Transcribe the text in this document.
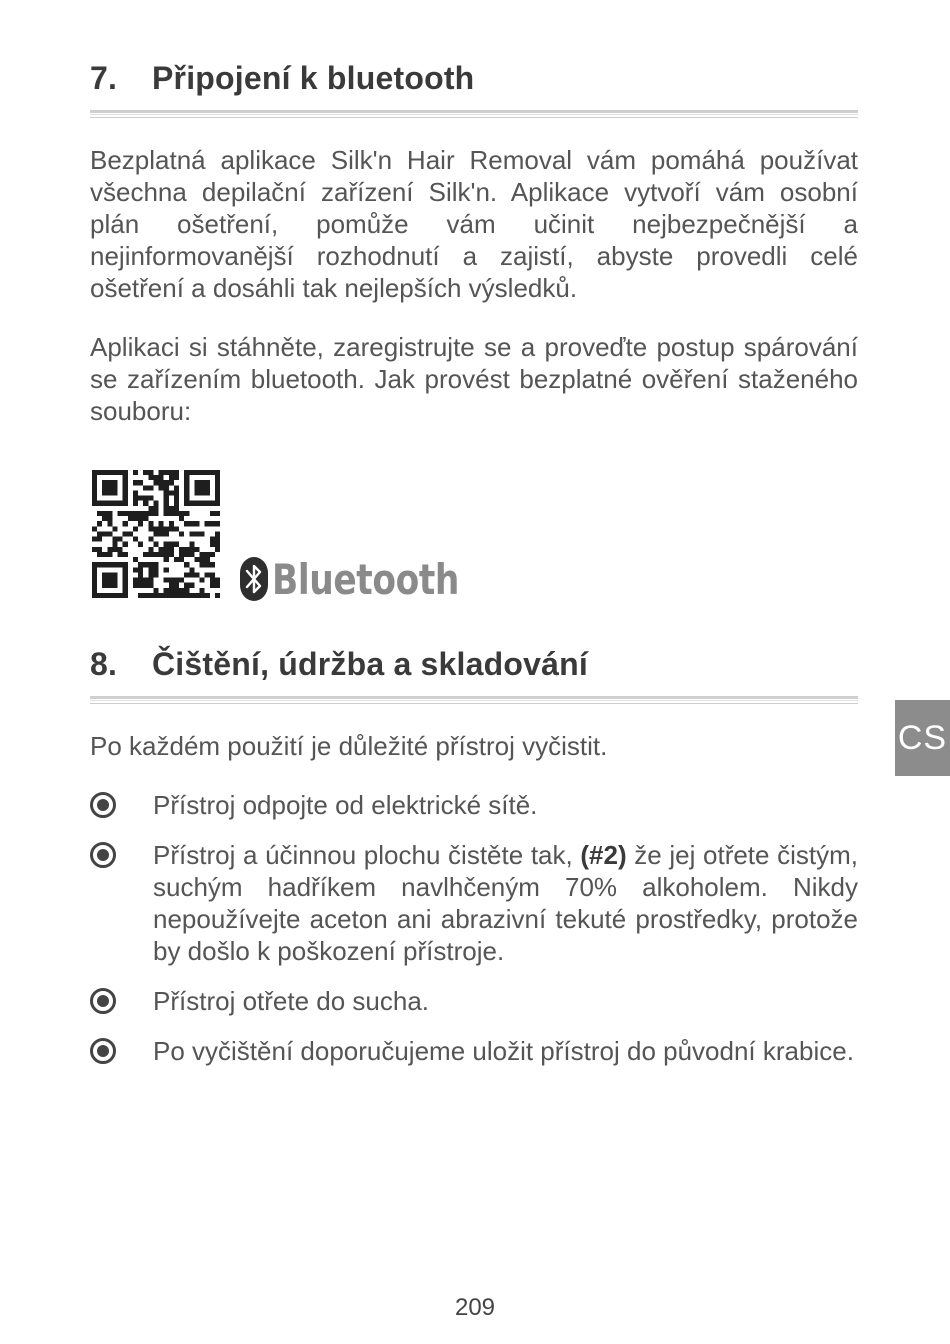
7. Připojení k bluetooth

Bezplatná aplikace Silk'n Hair Removal vám pomáhá používat všechna depilační zařízení Silk'n. Aplikace vytvoří vám osobní plán ošetření, pomůže vám učinit nejbezpečnější a nejinformovanější rozhodnutí a zajistí, abyste provedli celé ošetření a dosáhli tak nejlepších výsledků.

Aplikaci si stáhněte, zaregistrujte se a proveďte postup spárování se zařízením bluetooth. Jak provést bezplatné ověření staženého souboru:

Bluetooth
8. Čištění, údržba a skladování

Po každém použití je důležité přístroj vyčistit.

Přístroj odpojte od elektrické sítě.
Přístroj a účinnou plochu čistěte tak, (#2) že jej otřete čistým, suchým hadříkem navlhčeným 70% alkoholem. Nikdy nepoužívejte aceton ani abrazivní tekuté prostředky, protože by došlo k poškození přístroje.
Přístroj otřete do sucha.
Po vyčištění doporučujeme uložit přístroj do původní krabice.
CS
209
